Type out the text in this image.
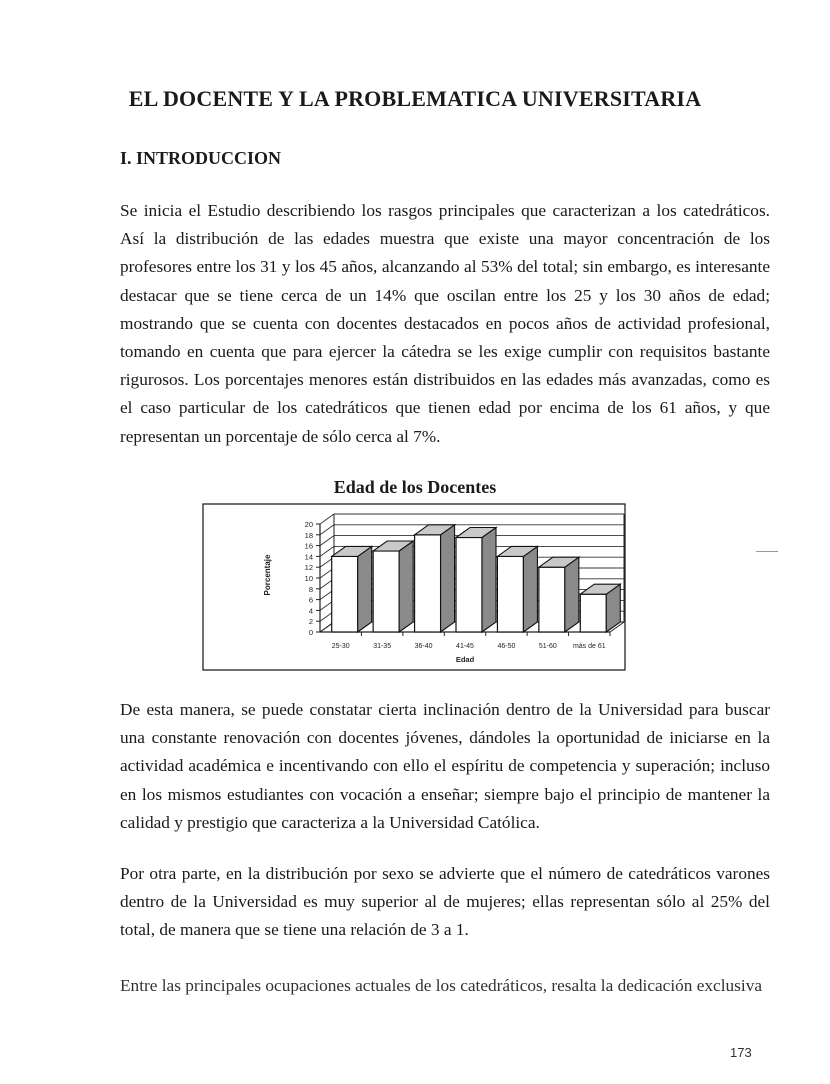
EL DOCENTE Y LA PROBLEMATICA UNIVERSITARIA
I. INTRODUCCION

Se inicia el Estudio describiendo los rasgos principales que caracterizan a los catedráticos. Así la distribución de las edades muestra que existe una mayor concentración de los profesores entre los 31 y los 45 años, alcanzando al 53% del total; sin embargo, es interesante destacar que se tiene cerca de un 14% que oscilan entre los 25 y los 30 años de edad; mostrando que se cuenta con docentes destacados en pocos años de actividad profesional, tomando en cuenta que para ejercer la cátedra se les exige cumplir con requisitos bastante rigurosos. Los porcentajes menores están distribuidos en las edades más avanzadas, como es el caso particular de los catedráticos que tienen edad por encima de los 61 años, y que representan un porcentaje de sólo cerca al 7%.

Edad de los Docentes
0
2
4
6
8
10
12
14
16
18
20
Porcentaje
25-30	31-35	36-40	41-45	46-50	51-60 más de 61
Edad

De esta manera, se puede constatar cierta inclinación dentro de la Universidad para buscar una constante renovación con docentes jóvenes, dándoles la oportunidad de iniciarse en la actividad académica e incentivando con ello el espíritu de competencia y superación; incluso en los mismos estudiantes con vocación a enseñar; siempre bajo el principio de mantener la calidad y prestigio que caracteriza a la Universidad Católica.

Por otra parte, en la distribución por sexo se advierte que el número de catedráticos varones dentro de la Universidad es muy superior al de mujeres; ellas representan sólo al 25% del total, de manera que se tiene una relación de 3 a 1.

Entre las principales ocupaciones actuales de los catedráticos, resalta la dedicación exclusiva

173
